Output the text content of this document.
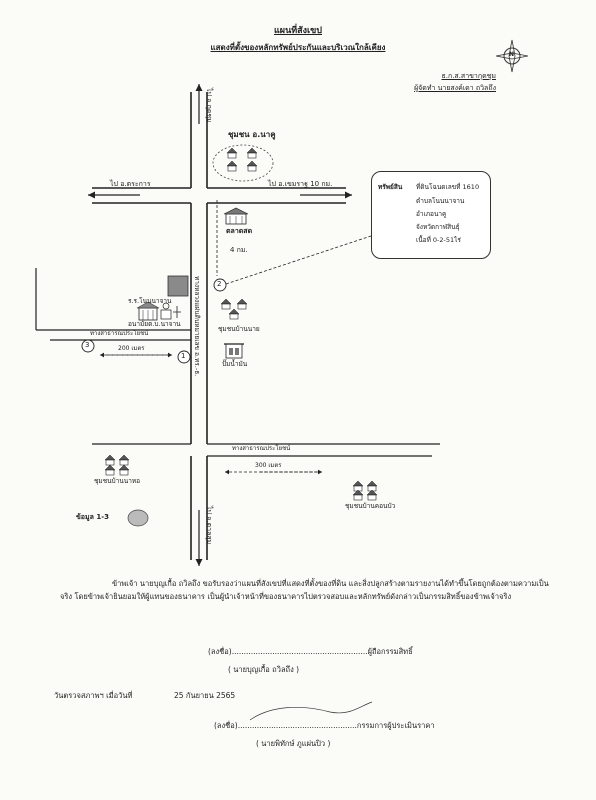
แผนที่สังเขป
แสดงที่ตั้งของหลักทรัพย์ประกันและบริเวณใกล้เคียง
ธ.ก.ส.สาขากุดชุม
ผู้จัดทำ นายสงค์เดา ถวิลถึง
N
ไป อ.กุดชุม
ไป อ.ตระการ	ไป อ.เขมราฐ 10 กม.
ทางหลวงแผ่นดินหมายเลข อ.ทร.-ธ.
ไป อ.ตาลสุม
ทางสาธารณประโยชน์
ทางสาธารณประโยชน์
300 เมตร
ชุมชน อ.นาคู
ตลาดสด
4 กม.
ร.ร.โนนนาจาน
อนามัยต.บ.นาจาน
ชุมชนบ้านนาย
ปั๊มน้ำมัน
ชุมชนบ้านนาหอ
ชุมชนบ้านคอนบัว
200 เมตร
ข้อมูล 1-3
1
2
3
ทรัพย์สิน ที่ดินโฉนดเลขที่ 1610
ตำบลโนนนาจาน
อำเภอนาคู
จังหวัดกาฬสินธุ์
เนื้อที่ 0-2-51ไร่
ข้าพเจ้า นายบุญเกื้อ ถวิลถึง ขอรับรองว่าแผนที่สังเขปที่แสดงที่ตั้งของที่ดิน และสิ่งปลูกสร้างตามรายงานได้ทำขึ้นโดยถูกต้องตามความเป็นจริง โดยข้าพเจ้ายินยอมให้ผู้แทนของธนาคาร เป็นผู้นำเจ้าหน้าที่ของธนาคารไปตรวจสอบและหลักทรัพย์ดังกล่าวเป็นกรรมสิทธิ์ของข้าพเจ้าจริง
(ลงชื่อ).........................................................ผู้ถือกรรมสิทธิ์
( นายบุญเกื้อ ถวิลถึง )
วันตรวจสภาพฯ เมื่อวันที่	25 กันยายน 2565
(ลงชื่อ)..................................................กรรมการผู้ประเมินราคา
( นายพิทักษ์ ภูแผ่นปิว )
